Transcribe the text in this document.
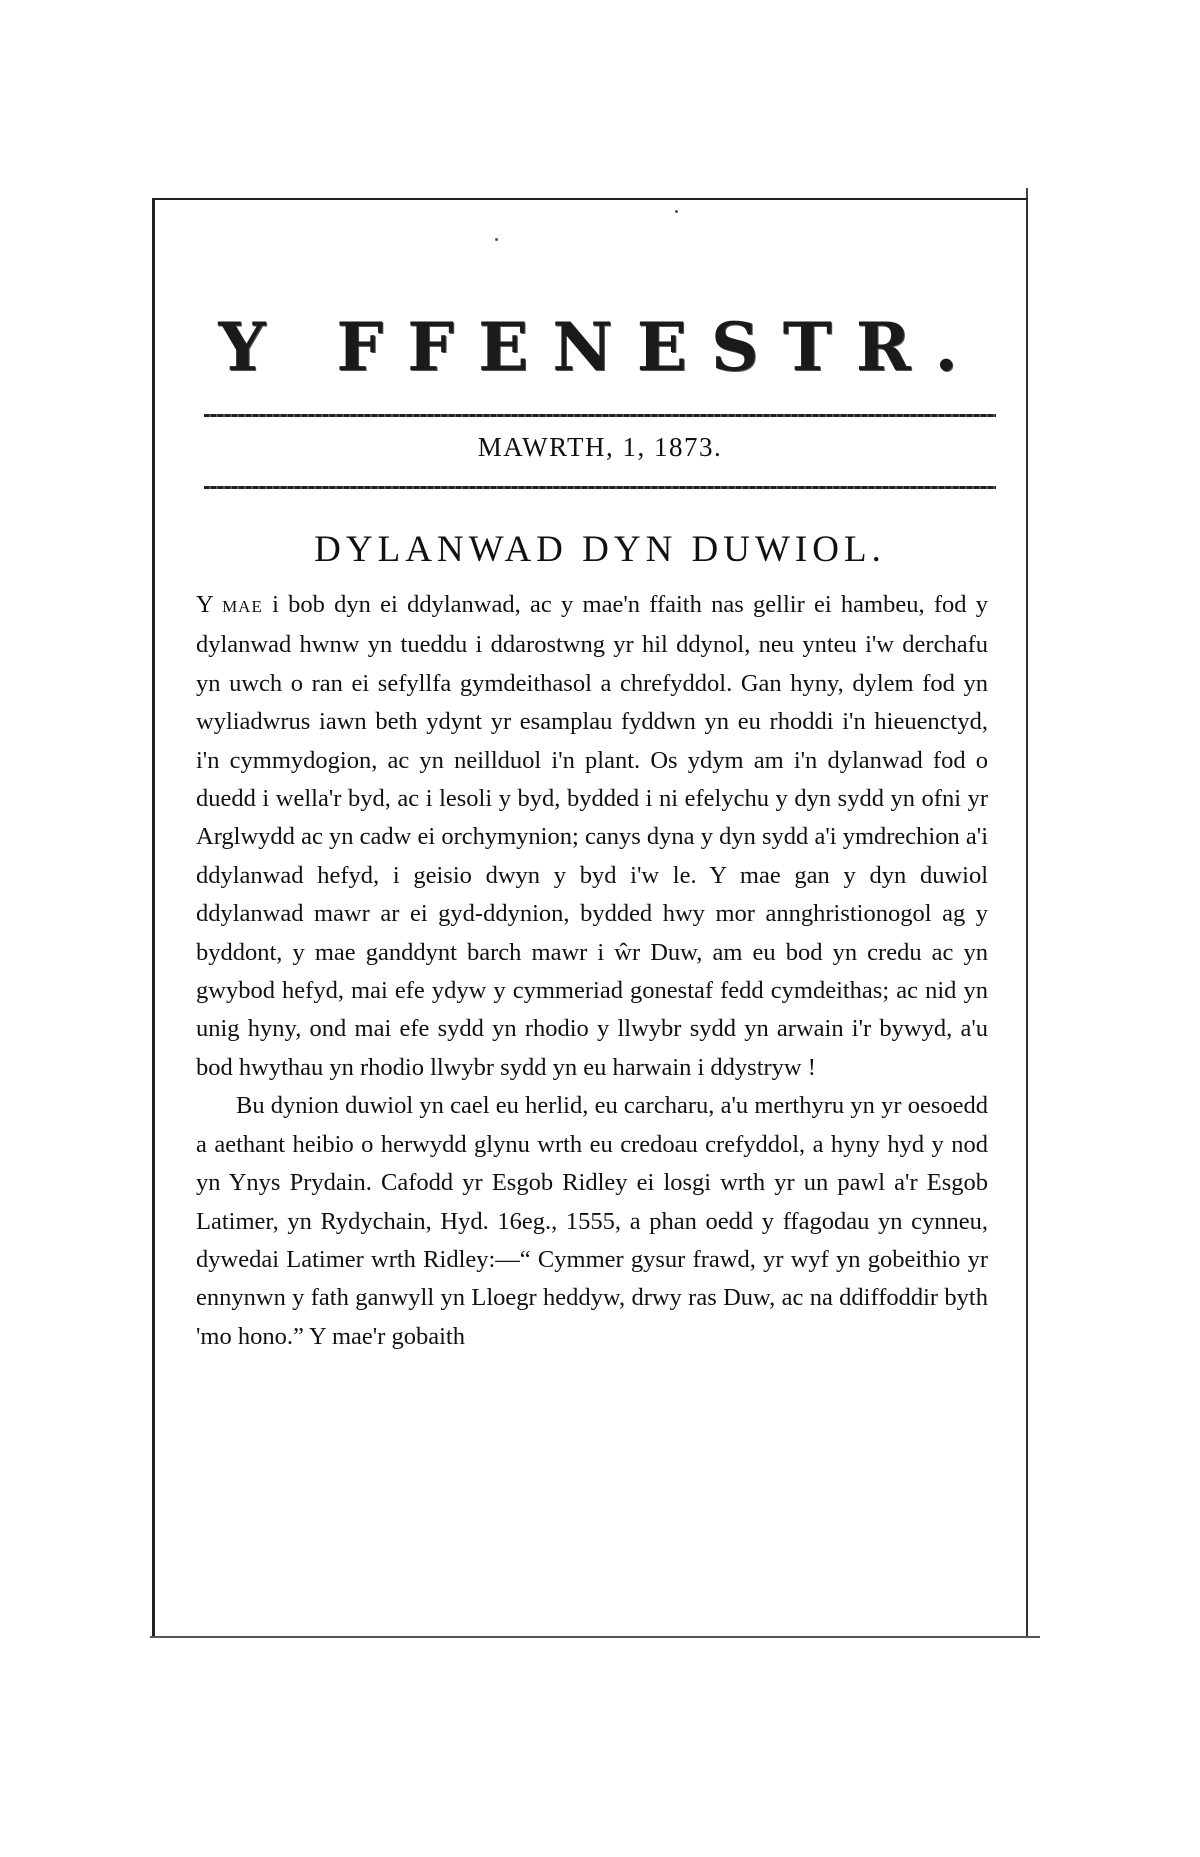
Y FFENESTR.
MAWRTH, 1, 1873.
DYLANWAD DYN DUWIOL.

Y MAE i bob dyn ei ddylanwad, ac y mae'n ffaith nas gellir ei hambeu, fod y dylanwad hwnw yn tueddu i ddarostwng yr hil ddynol, neu ynteu i'w derchafu yn uwch o ran ei sefyllfa gymdeithasol a chrefyddol. Gan hyny, dylem fod yn wyliadwrus iawn beth ydynt yr esamplau fyddwn yn eu rhoddi i'n hieuenctyd, i'n cymmydogion, ac yn neillduol i'n plant. Os ydym am i'n dylanwad fod o duedd i wella'r byd, ac i lesoli y byd, bydded i ni efelychu y dyn sydd yn ofni yr Arglwydd ac yn cadw ei orchymynion; canys dyna y dyn sydd a'i ymdrechion a'i ddylanwad hefyd, i geisio dwyn y byd i'w le. Y mae gan y dyn duwiol ddylanwad mawr ar ei gyd-ddynion, bydded hwy mor annghristionogol ag y byddont, y mae ganddynt barch mawr i ŵr Duw, am eu bod yn credu ac yn gwybod hefyd, mai efe ydyw y cymmeriad gonestaf fedd cymdeithas; ac nid yn unig hyny, ond mai efe sydd yn rhodio y llwybr sydd yn arwain i'r bywyd, a'u bod hwythau yn rhodio llwybr sydd yn eu harwain i ddystryw !

Bu dynion duwiol yn cael eu herlid, eu carcharu, a'u merthyru yn yr oesoedd a aethant heibio o herwydd glynu wrth eu credoau crefyddol, a hyny hyd y nod yn Ynys Prydain. Cafodd yr Esgob Ridley ei losgi wrth yr un pawl a'r Esgob Latimer, yn Rydychain, Hyd. 16eg., 1555, a phan oedd y ffagodau yn cynneu, dywedai Latimer wrth Ridley:—“ Cymmer gysur frawd, yr wyf yn gobeithio yr ennynwn y fath ganwyll yn Lloegr heddyw, drwy ras Duw, ac na ddiffoddir byth 'mo hono.” Y mae'r gobaith
